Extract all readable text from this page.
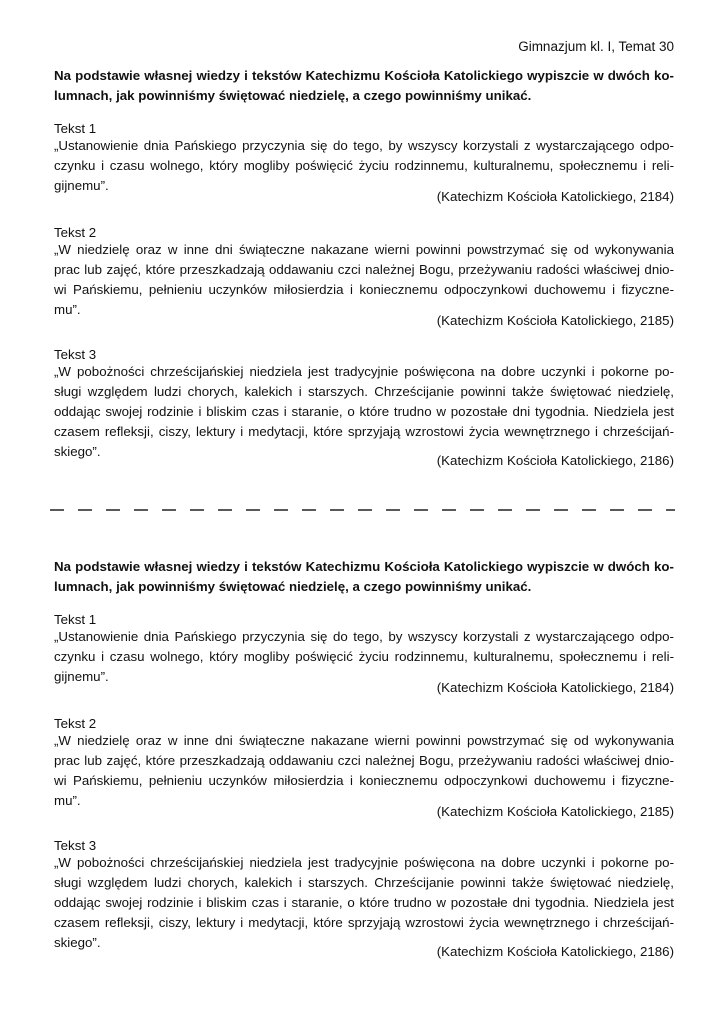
Gimnazjum kl. I, Temat 30
Na podstawie własnej wiedzy i tekstów Katechizmu Kościoła Katolickiego wypiszcie w dwóch ko-
lumnach, jak powinniśmy świętować niedzielę, a czego powinniśmy unikać.
Tekst 1
„Ustanowienie dnia Pańskiego przyczynia się do tego, by wszyscy korzystali z wystarczającego odpo-
czynku i czasu wolnego, który mogliby poświęcić życiu rodzinnemu, kulturalnemu, społecznemu i reli-
gijnemu”.
(Katechizm Kościoła Katolickiego, 2184)
Tekst 2
„W niedzielę oraz w inne dni świąteczne nakazane wierni powinni powstrzymać się od wykonywania
prac lub zajęć, które przeszkadzają oddawaniu czci należnej Bogu, przeżywaniu radości właściwej dnio-
wi Pańskiemu, pełnieniu uczynków miłosierdzia i koniecznemu odpoczynkowi duchowemu i fizyczne-
mu”.
(Katechizm Kościoła Katolickiego, 2185)
Tekst 3
„W pobożności chrześcijańskiej niedziela jest tradycyjnie poświęcona na dobre uczynki i pokorne po-
sługi względem ludzi chorych, kalekich i starszych. Chrześcijanie powinni także świętować niedzielę,
oddając swojej rodzinie i bliskim czas i staranie, o które trudno w pozostałe dni tygodnia. Niedziela jest
czasem refleksji, ciszy, lektury i medytacji, które sprzyjają wzrostowi życia wewnętrznego i chrześcijań-
skiego”.
(Katechizm Kościoła Katolickiego, 2186)
Na podstawie własnej wiedzy i tekstów Katechizmu Kościoła Katolickiego wypiszcie w dwóch ko-
lumnach, jak powinniśmy świętować niedzielę, a czego powinniśmy unikać.
Tekst 1
„Ustanowienie dnia Pańskiego przyczynia się do tego, by wszyscy korzystali z wystarczającego odpo-
czynku i czasu wolnego, który mogliby poświęcić życiu rodzinnemu, kulturalnemu, społecznemu i reli-
gijnemu”.
(Katechizm Kościoła Katolickiego, 2184)
Tekst 2
„W niedzielę oraz w inne dni świąteczne nakazane wierni powinni powstrzymać się od wykonywania
prac lub zajęć, które przeszkadzają oddawaniu czci należnej Bogu, przeżywaniu radości właściwej dnio-
wi Pańskiemu, pełnieniu uczynków miłosierdzia i koniecznemu odpoczynkowi duchowemu i fizyczne-
mu”.
(Katechizm Kościoła Katolickiego, 2185)
Tekst 3
„W pobożności chrześcijańskiej niedziela jest tradycyjnie poświęcona na dobre uczynki i pokorne po-
sługi względem ludzi chorych, kalekich i starszych. Chrześcijanie powinni także świętować niedzielę,
oddając swojej rodzinie i bliskim czas i staranie, o które trudno w pozostałe dni tygodnia. Niedziela jest
czasem refleksji, ciszy, lektury i medytacji, które sprzyjają wzrostowi życia wewnętrznego i chrześcijań-
skiego”.
(Katechizm Kościoła Katolickiego, 2186)
